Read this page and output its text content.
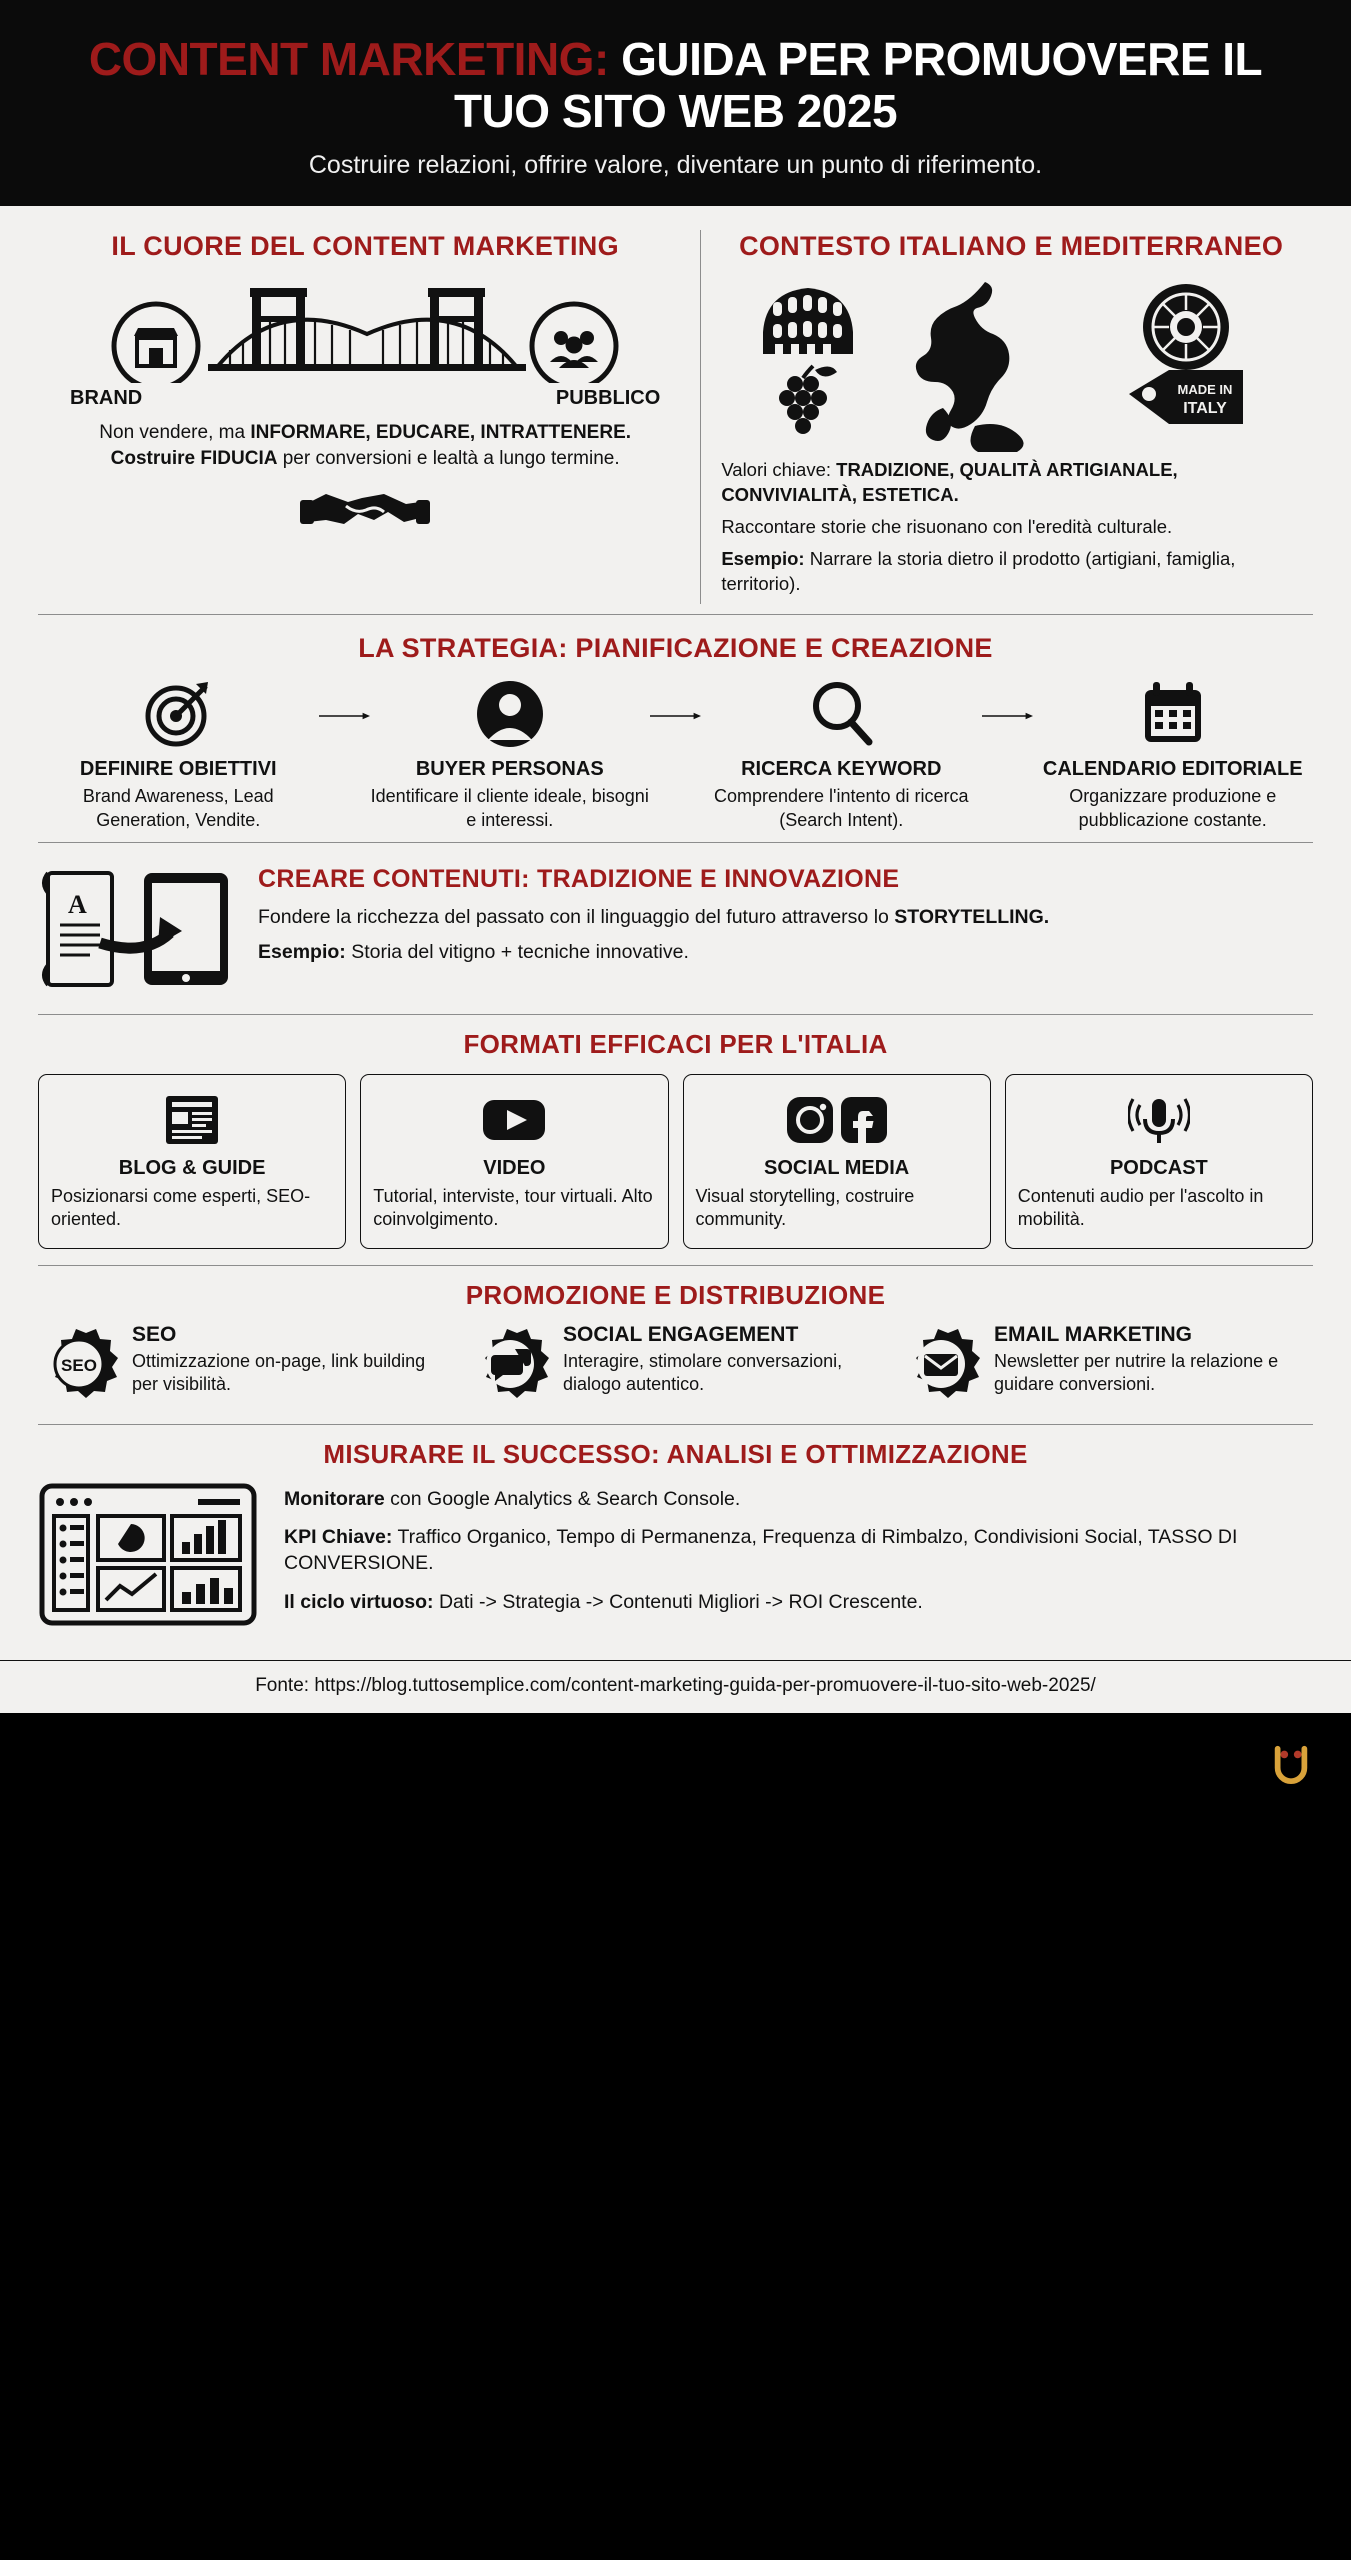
CONTENT MARKETING: GUIDA PER PROMUOVERE IL TUO SITO WEB 2025
Costruire relazioni, offrire valore, diventare un punto di riferimento.
IL CUORE DEL CONTENT MARKETING
BRAND	PUBBLICO
Non vendere, ma INFORMARE, EDUCARE, INTRATTENERE.
Costruire FIDUCIA per conversioni e lealtà a lungo termine.
CONTESTO ITALIANO E MEDITERRANEO
MADE IN
ITALY

Valori chiave: TRADIZIONE, QUALITÀ ARTIGIANALE, CONVIVIALITÀ, ESTETICA.

Raccontare storie che risuonano con l'eredità culturale.

Esempio: Narrare la storia dietro il prodotto (artigiani, famiglia, territorio).

LA STRATEGIA: PIANIFICAZIONE E CREAZIONE
DEFINIRE OBIETTIVI
Brand Awareness, Lead Generation, Vendite.
BUYER PERSONAS
Identificare il cliente ideale, bisogni e interessi.
RICERCA KEYWORD
Comprendere l'intento di ricerca (Search Intent).
CALENDARIO EDITORIALE
Organizzare produzione e pubblicazione costante.
A
CREARE CONTENUTI: TRADIZIONE E INNOVAZIONE

Fondere la ricchezza del passato con il linguaggio del futuro attraverso lo STORYTELLING.

Esempio: Storia del vitigno + tecniche innovative.

FORMATI EFFICACI PER L'ITALIA
BLOG & GUIDE
Posizionarsi come esperti, SEO-oriented.
VIDEO
Tutorial, interviste, tour virtuali. Alto coinvolgimento.
SOCIAL MEDIA
Visual storytelling, costruire community.
PODCAST
Contenuti audio per l'ascolto in mobilità.
PROMOZIONE E DISTRIBUZIONE
SEO
SEO
Ottimizzazione on-page, link building per visibilità.
SOCIAL ENGAGEMENT
Interagire, stimolare conversazioni, dialogo autentico.
EMAIL MARKETING
Newsletter per nutrire la relazione e guidare conversioni.
MISURARE IL SUCCESSO: ANALISI E OTTIMIZZAZIONE

Monitorare con Google Analytics & Search Console.

KPI Chiave: Traffico Organico, Tempo di Permanenza, Frequenza di Rimbalzo, Condivisioni Social, TASSO DI CONVERSIONE.

Il ciclo virtuoso: Dati -> Strategia -> Contenuti Migliori -> ROI Crescente.

Fonte: https://blog.tuttosemplice.com/content-marketing-guida-per-promuovere-il-tuo-sito-web-2025/
